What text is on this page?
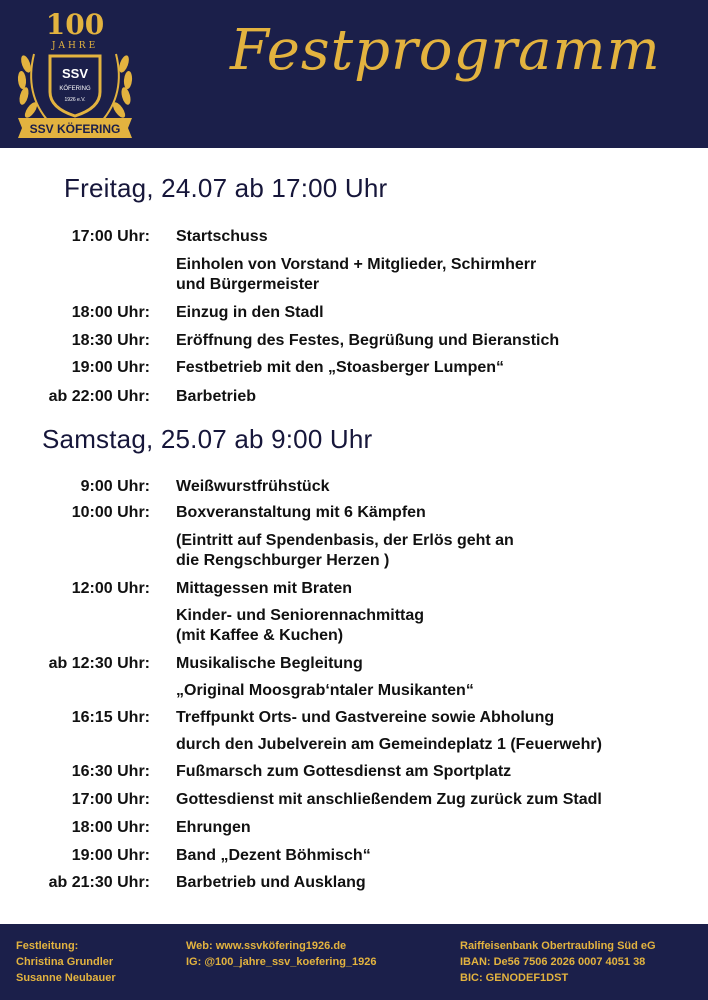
100
JAHRE
SSV
KÖFERING
1926 e.V.
SSV KÖFERING
Festprogramm
Freitag, 24.07 ab 17:00 Uhr
17:00 Uhr: Startschuss
Einholen von Vorstand + Mitglieder, Schirmherr
und Bürgermeister
18:00 Uhr: Einzug in den Stadl
18:30 Uhr: Eröffnung des Festes, Begrüßung und Bieranstich
19:00 Uhr: Festbetrieb mit den „Stoasberger Lumpen“
ab 22:00 Uhr: Barbetrieb
Samstag, 25.07 ab 9:00 Uhr
9:00 Uhr: Weißwurstfrühstück
10:00 Uhr: Boxveranstaltung mit 6 Kämpfen
(Eintritt auf Spendenbasis, der Erlös geht an
die Rengschburger Herzen )
12:00 Uhr: Mittagessen mit Braten
Kinder- und Seniorennachmittag
(mit Kaffee & Kuchen)
ab 12:30 Uhr: Musikalische Begleitung
„Original Moosgrab‘ntaler Musikanten“
16:15 Uhr: Treffpunkt Orts- und Gastvereine sowie Abholung
durch den Jubelverein am Gemeindeplatz 1 (Feuerwehr)
16:30 Uhr: Fußmarsch zum Gottesdienst am Sportplatz
17:00 Uhr: Gottesdienst mit anschließendem Zug zurück zum Stadl
18:00 Uhr: Ehrungen
19:00 Uhr: Band „Dezent Böhmisch“
ab 21:30 Uhr: Barbetrieb und Ausklang
Festleitung:
Christina Grundler
Susanne Neubauer
Web: www.ssvköfering1926.de
IG: @100_jahre_ssv_koefering_1926
Raiffeisenbank Obertraubling Süd eG
IBAN: De56 7506 2026 0007 4051 38
BIC: GENODEF1DST
